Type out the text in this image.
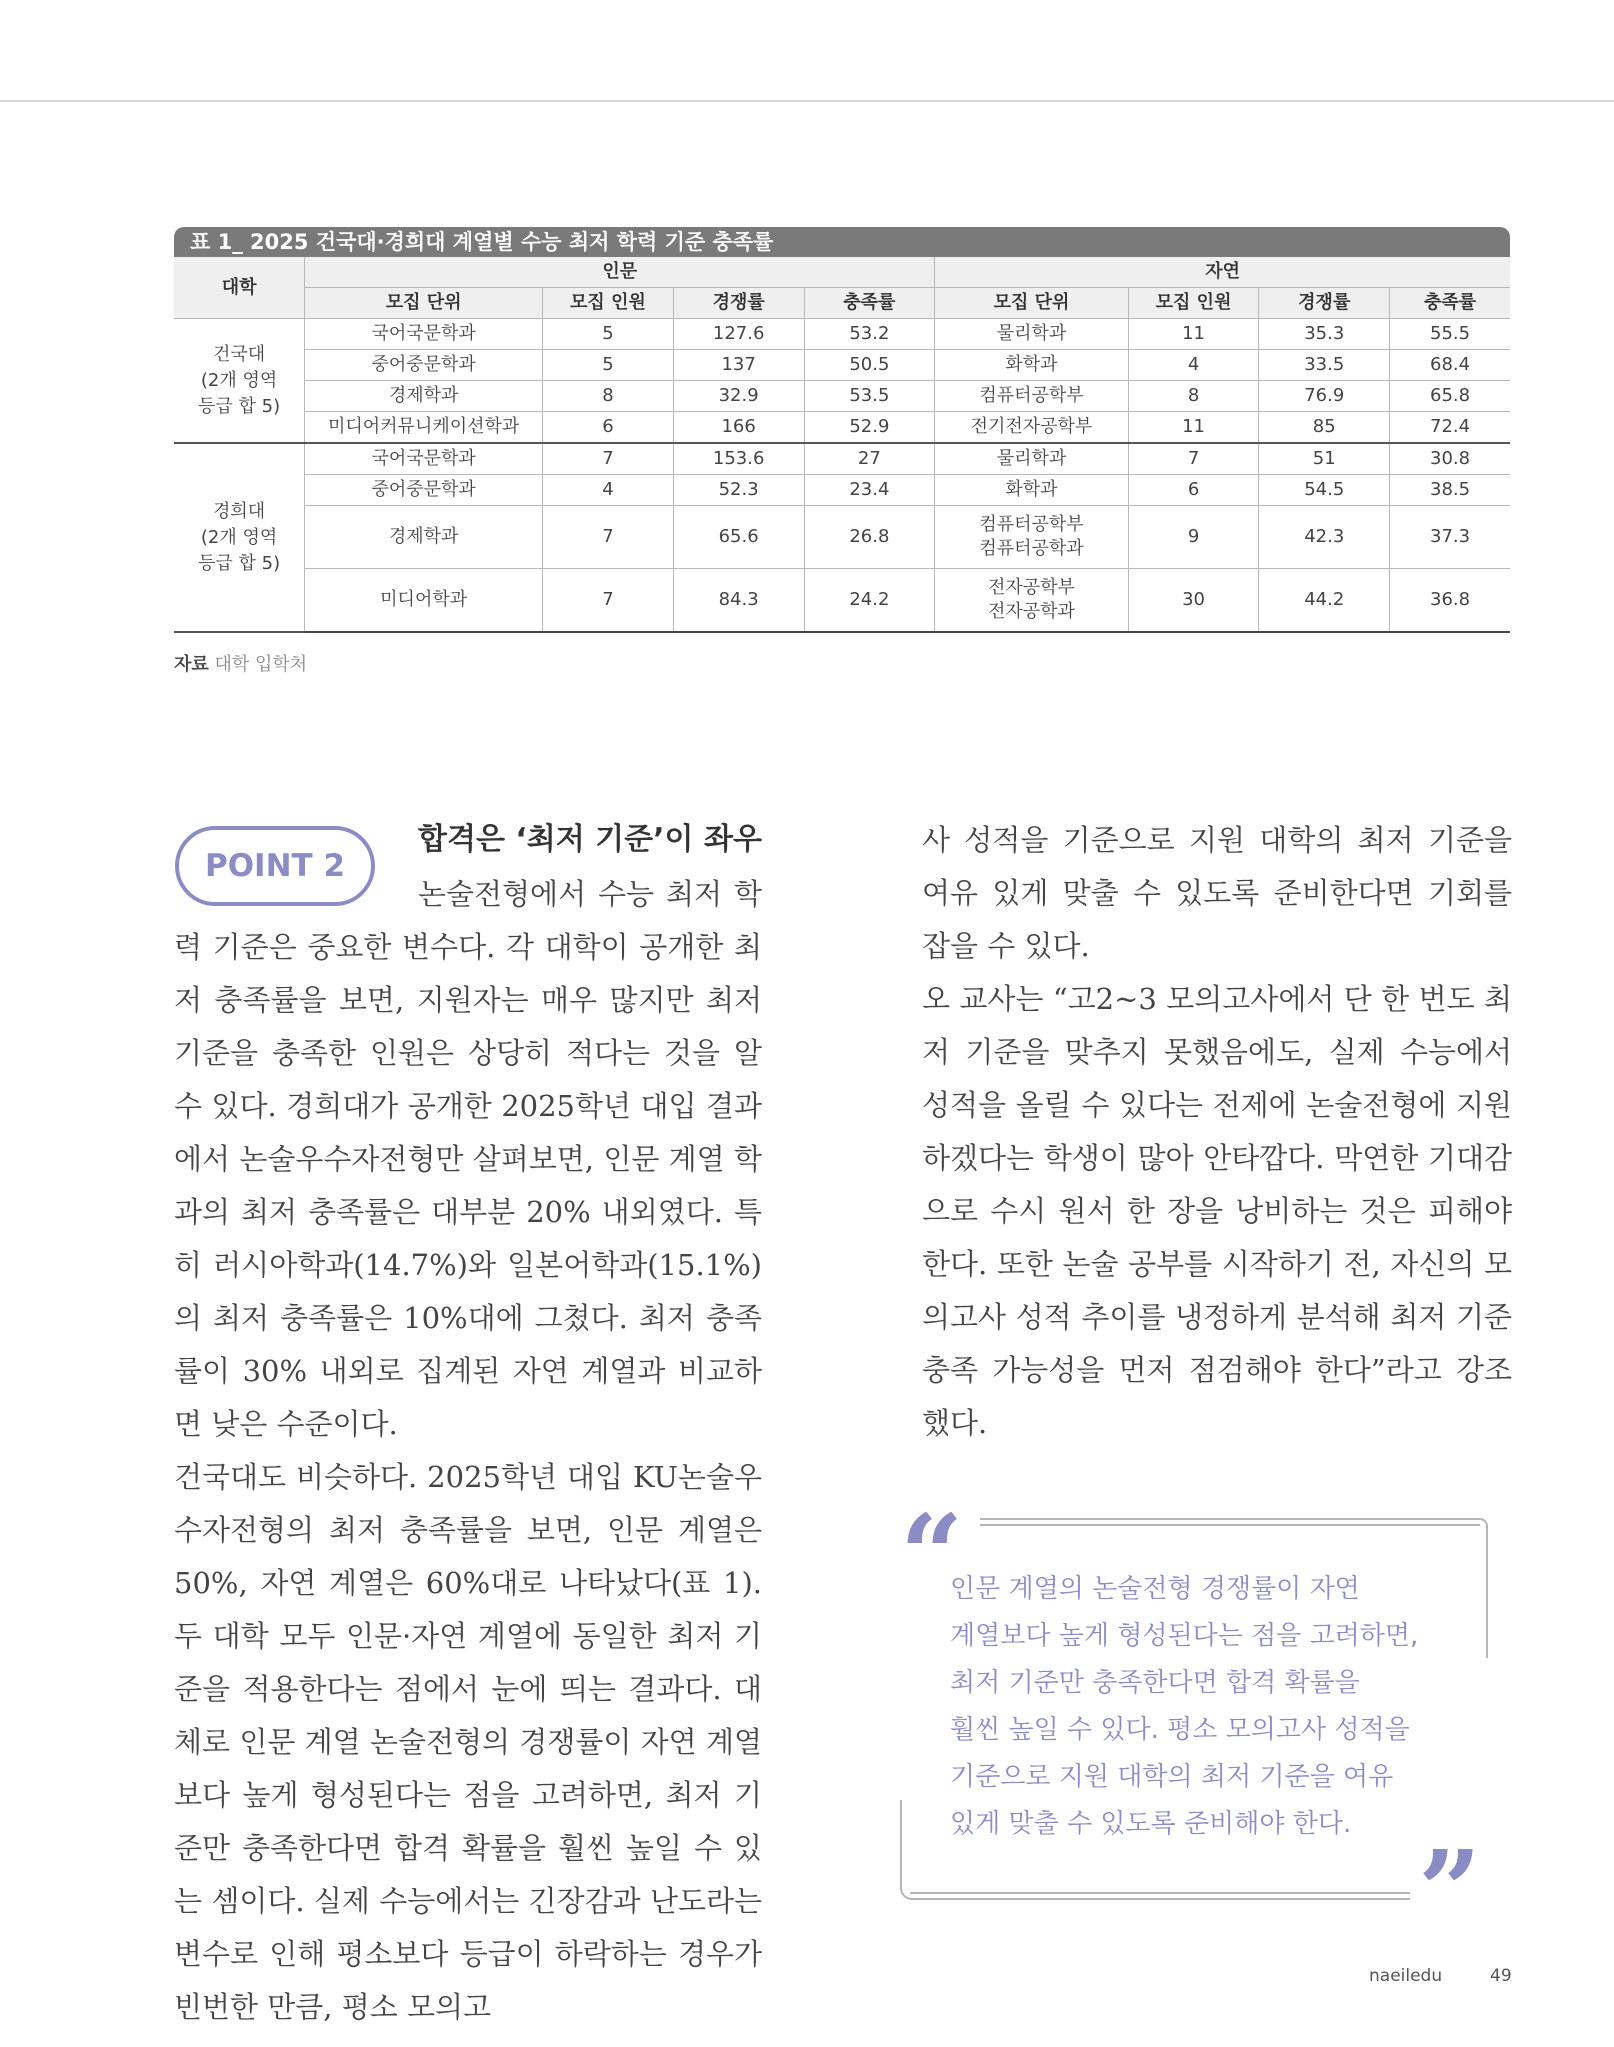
표 1_ 2025 건국대·경희대 계열별 수능 최저 학력 기준 충족률
대학	인문				자연			
	모집 단위	모집 인원	경쟁률	충족률	모집 단위	모집 인원	경쟁률	충족률

건국대
(2개 영역
등급 합 5)	국어국문학과	5	127.6	53.2	물리학과	11	35.3	55.5
	중어중문학과	5	137	50.5	화학과	4	33.5	68.4
	경제학과	8	32.9	53.5	컴퓨터공학부	8	76.9	65.8
	미디어커뮤니케이션학과	6	166	52.9	전기전자공학부	11	85	72.4

경희대
(2개 영역
등급 합 5)	국어국문학과	7	153.6	27	물리학과	7	51	30.8
	중어중문학과	4	52.3	23.4	화학과	6	54.5	38.5
	경제학과	7	65.6	26.8	컴퓨터공학부
컴퓨터공학과	9	42.3	37.3
	미디어학과	7	84.3	24.2	전자공학부
전자공학과	30	44.2	36.8
자료 대학 입학처
POINT 2
합격은 ‘최저 기준’이 좌우

논술전형에서 수능 최저 학력 기준은 중요한 변수다. 각 대학이 공개한 최저 충족률을 보면, 지원자는 매우 많지만 최저 기준을 충족한 인원은 상당히 적다는 것을 알 수 있다. 경희대가 공개한 2025학년 대입 결과에서 논술우수자전형만 살펴보면, 인문 계열 학과의 최저 충족률은 대부분 20% 내외였다. 특히 러시아학과(14.7%)와 일본어학과(15.1%)의 최저 충족률은 10%대에 그쳤다. 최저 충족률이 30% 내외로 집계된 자연 계열과 비교하면 낮은 수준이다.

건국대도 비슷하다. 2025학년 대입 KU논술우수자전형의 최저 충족률을 보면, 인문 계열은 50%, 자연 계열은 60%대로 나타났다(표 1). 두 대학 모두 인문·자연 계열에 동일한 최저 기준을 적용한다는 점에서 눈에 띄는 결과다. 대체로 인문 계열 논술전형의 경쟁률이 자연 계열보다 높게 형성된다는 점을 고려하면, 최저 기준만 충족한다면 합격 확률을 훨씬 높일 수 있는 셈이다. 실제 수능에서는 긴장감과 난도라는 변수로 인해 평소보다 등급이 하락하는 경우가 빈번한 만큼, 평소 모의고

사 성적을 기준으로 지원 대학의 최저 기준을 여유 있게 맞출 수 있도록 준비한다면 기회를 잡을 수 있다.

오 교사는 “고2~3 모의고사에서 단 한 번도 최저 기준을 맞추지 못했음에도, 실제 수능에서 성적을 올릴 수 있다는 전제에 논술전형에 지원하겠다는 학생이 많아 안타깝다. 막연한 기대감으로 수시 원서 한 장을 낭비하는 것은 피해야 한다. 또한 논술 공부를 시작하기 전, 자신의 모의고사 성적 추이를 냉정하게 분석해 최저 기준 충족 가능성을 먼저 점검해야 한다”라고 강조했다.

“

인문 계열의 논술전형 경쟁률이 자연

계열보다 높게 형성된다는 점을 고려하면,

최저 기준만 충족한다면 합격 확률을

훨씬 높일 수 있다. 평소 모의고사 성적을

기준으로 지원 대학의 최저 기준을 여유

있게 맞출 수 있도록 준비해야 한다.

”
naeiledu	49
